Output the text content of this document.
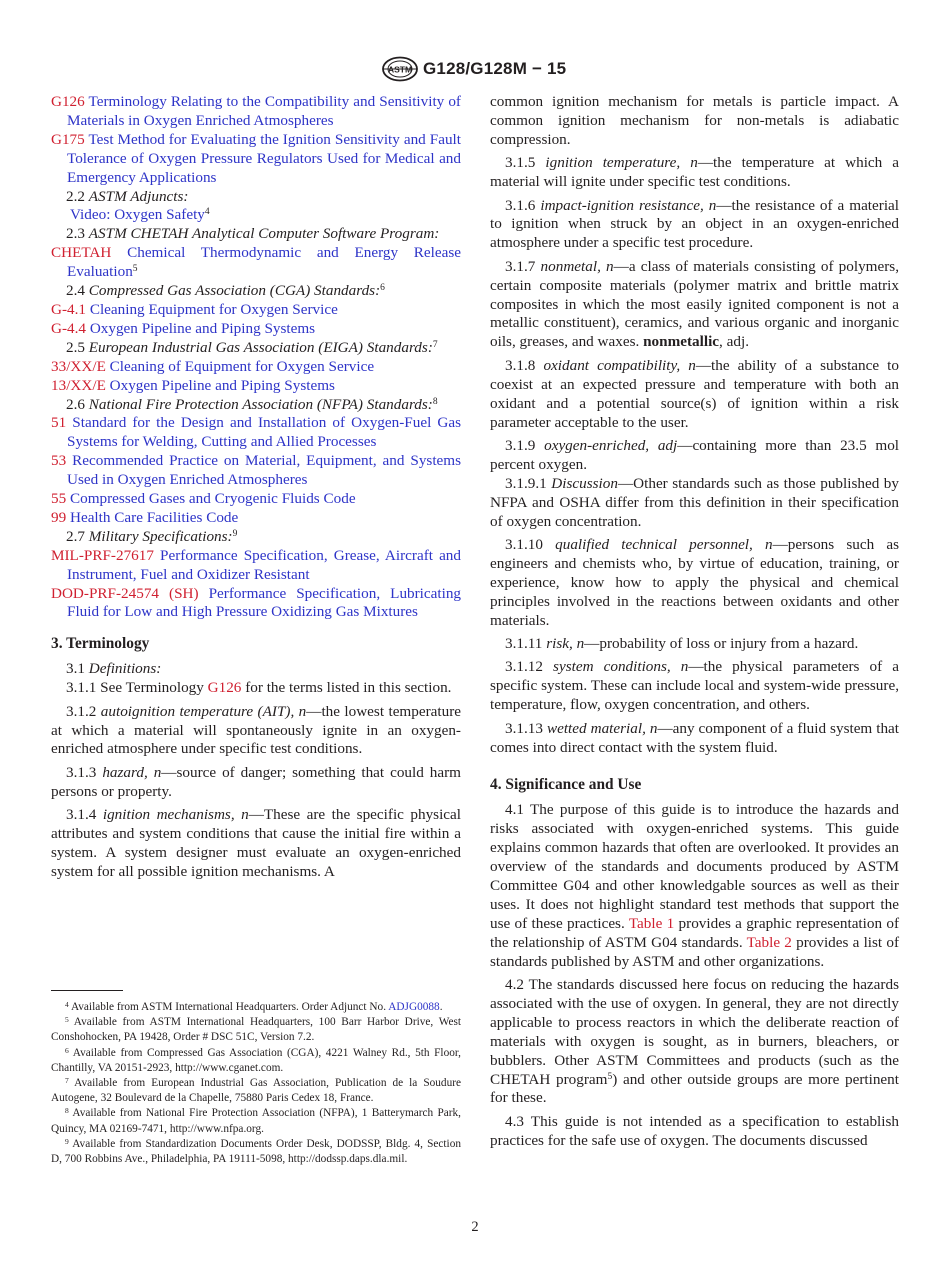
ASTM G128/G128M − 15

G126 Terminology Relating to the Compatibility and Sensitivity of Materials in Oxygen Enriched Atmospheres

G175 Test Method for Evaluating the Ignition Sensitivity and Fault Tolerance of Oxygen Pressure Regulators Used for Medical and Emergency Applications

2.2 ASTM Adjuncts:

Video: Oxygen Safety$^4$

2.3 ASTM CHETAH Analytical Computer Software Program:

CHETAH Chemical Thermodynamic and Energy Release Evaluation$^5$

2.4 Compressed Gas Association (CGA) Standards:$^6$

G-4.1 Cleaning Equipment for Oxygen Service

G-4.4 Oxygen Pipeline and Piping Systems

2.5 European Industrial Gas Association (EIGA) Standards:$^7$

33/XX/E Cleaning of Equipment for Oxygen Service

13/XX/E Oxygen Pipeline and Piping Systems

2.6 National Fire Protection Association (NFPA) Standards:$^8$

51 Standard for the Design and Installation of Oxygen-Fuel Gas Systems for Welding, Cutting and Allied Processes

53 Recommended Practice on Material, Equipment, and Systems Used in Oxygen Enriched Atmospheres

55 Compressed Gases and Cryogenic Fluids Code

99 Health Care Facilities Code

2.7 Military Specifications:$^9$

MIL-PRF-27617 Performance Specification, Grease, Aircraft and Instrument, Fuel and Oxidizer Resistant

DOD-PRF-24574 (SH) Performance Specification, Lubricating Fluid for Low and High Pressure Oxidizing Gas Mixtures

3. Terminology

3.1 Definitions:

3.1.1 See Terminology G126 for the terms listed in this section.

3.1.2 autoignition temperature (AIT), n—the lowest temperature at which a material will spontaneously ignite in an oxygen-enriched atmosphere under specific test conditions.

3.1.3 hazard, n—source of danger; something that could harm persons or property.

3.1.4 ignition mechanisms, n—These are the specific physical attributes and system conditions that cause the initial fire within a system. A system designer must evaluate an oxygen-enriched system for all possible ignition mechanisms. A

$^4$ Available from ASTM International Headquarters. Order Adjunct No. ADJG0088.

$^5$ Available from ASTM International Headquarters, 100 Barr Harbor Drive, West Conshohocken, PA 19428, Order # DSC 51C, Version 7.2.

$^6$ Available from Compressed Gas Association (CGA), 4221 Walney Rd., 5th Floor, Chantilly, VA 20151-2923, http://www.cganet.com.

$^7$ Available from European Industrial Gas Association, Publication de la Soudure Autogene, 32 Boulevard de la Chapelle, 75880 Paris Cedex 18, France.

$^8$ Available from National Fire Protection Association (NFPA), 1 Batterymarch Park, Quincy, MA 02169-7471, http://www.nfpa.org.

$^9$ Available from Standardization Documents Order Desk, DODSSP, Bldg. 4, Section D, 700 Robbins Ave., Philadelphia, PA 19111-5098, http://dodssp.daps.dla.mil.

common ignition mechanism for metals is particle impact. A common ignition mechanism for non-metals is adiabatic compression.

3.1.5 ignition temperature, n—the temperature at which a material will ignite under specific test conditions.

3.1.6 impact-ignition resistance, n—the resistance of a material to ignition when struck by an object in an oxygen-enriched atmosphere under a specific test procedure.

3.1.7 nonmetal, n—a class of materials consisting of polymers, certain composite materials (polymer matrix and brittle matrix composites in which the most easily ignited component is not a metallic constituent), ceramics, and various organic and inorganic oils, greases, and waxes. nonmetallic, adj.

3.1.8 oxidant compatibility, n—the ability of a substance to coexist at an expected pressure and temperature with both an oxidant and a potential source(s) of ignition within a risk parameter acceptable to the user.

3.1.9 oxygen-enriched, adj—containing more than 23.5 mol percent oxygen.

3.1.9.1 Discussion—Other standards such as those published by NFPA and OSHA differ from this definition in their specification of oxygen concentration.

3.1.10 qualified technical personnel, n—persons such as engineers and chemists who, by virtue of education, training, or experience, know how to apply the physical and chemical principles involved in the reactions between oxidants and other materials.

3.1.11 risk, n—probability of loss or injury from a hazard.

3.1.12 system conditions, n—the physical parameters of a specific system. These can include local and system-wide pressure, temperature, flow, oxygen concentration, and others.

3.1.13 wetted material, n—any component of a fluid system that comes into direct contact with the system fluid.

4. Significance and Use

4.1 The purpose of this guide is to introduce the hazards and risks associated with oxygen-enriched systems. This guide explains common hazards that often are overlooked. It provides an overview of the standards and documents produced by ASTM Committee G04 and other knowledgable sources as well as their uses. It does not highlight standard test methods that support the use of these practices. Table 1 provides a graphic representation of the relationship of ASTM G04 standards. Table 2 provides a list of standards published by ASTM and other organizations.

4.2 The standards discussed here focus on reducing the hazards associated with the use of oxygen. In general, they are not directly applicable to process reactors in which the deliberate reaction of materials with oxygen is sought, as in burners, bleachers, or bubblers. Other ASTM Committees and products (such as the CHETAH program$^5$) and other outside groups are more pertinent for these.

4.3 This guide is not intended as a specification to establish practices for the safe use of oxygen. The documents discussed

2
